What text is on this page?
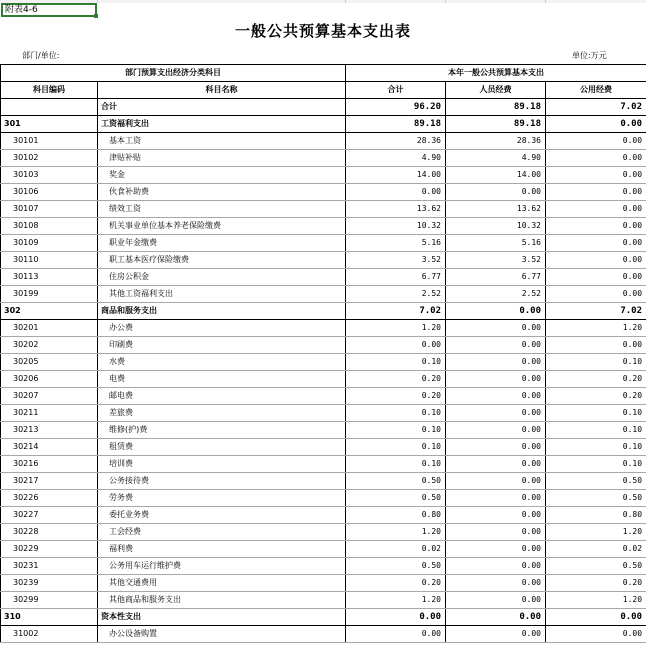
附表4-6
一般公共预算基本支出表
部门/单位:	单位:万元
部门预算支出经济分类科目		本年一般公共预算基本支出		
科目编码	科目名称	合计	人员经费	公用经费
	合计	96.20	89.18	7.02
301	工资福利支出	89.18	89.18	0.00
30101	基本工资	28.36	28.36	0.00
30102	津贴补贴	4.90	4.90	0.00
30103	奖金	14.00	14.00	0.00
30106	伙食补助费	0.00	0.00	0.00
30107	绩效工资	13.62	13.62	0.00
30108	机关事业单位基本养老保险缴费	10.32	10.32	0.00
30109	职业年金缴费	5.16	5.16	0.00
30110	职工基本医疗保险缴费	3.52	3.52	0.00
30113	住房公积金	6.77	6.77	0.00
30199	其他工资福利支出	2.52	2.52	0.00
302	商品和服务支出	7.02	0.00	7.02
30201	办公费	1.20	0.00	1.20
30202	印刷费	0.00	0.00	0.00
30205	水费	0.10	0.00	0.10
30206	电费	0.20	0.00	0.20
30207	邮电费	0.20	0.00	0.20
30211	差旅费	0.10	0.00	0.10
30213	维修(护)费	0.10	0.00	0.10
30214	租赁费	0.10	0.00	0.10
30216	培训费	0.10	0.00	0.10
30217	公务接待费	0.50	0.00	0.50
30226	劳务费	0.50	0.00	0.50
30227	委托业务费	0.80	0.00	0.80
30228	工会经费	1.20	0.00	1.20
30229	福利费	0.02	0.00	0.02
30231	公务用车运行维护费	0.50	0.00	0.50
30239	其他交通费用	0.20	0.00	0.20
30299	其他商品和服务支出	1.20	0.00	1.20
310	资本性支出	0.00	0.00	0.00
31002	办公设备购置	0.00	0.00	0.00
